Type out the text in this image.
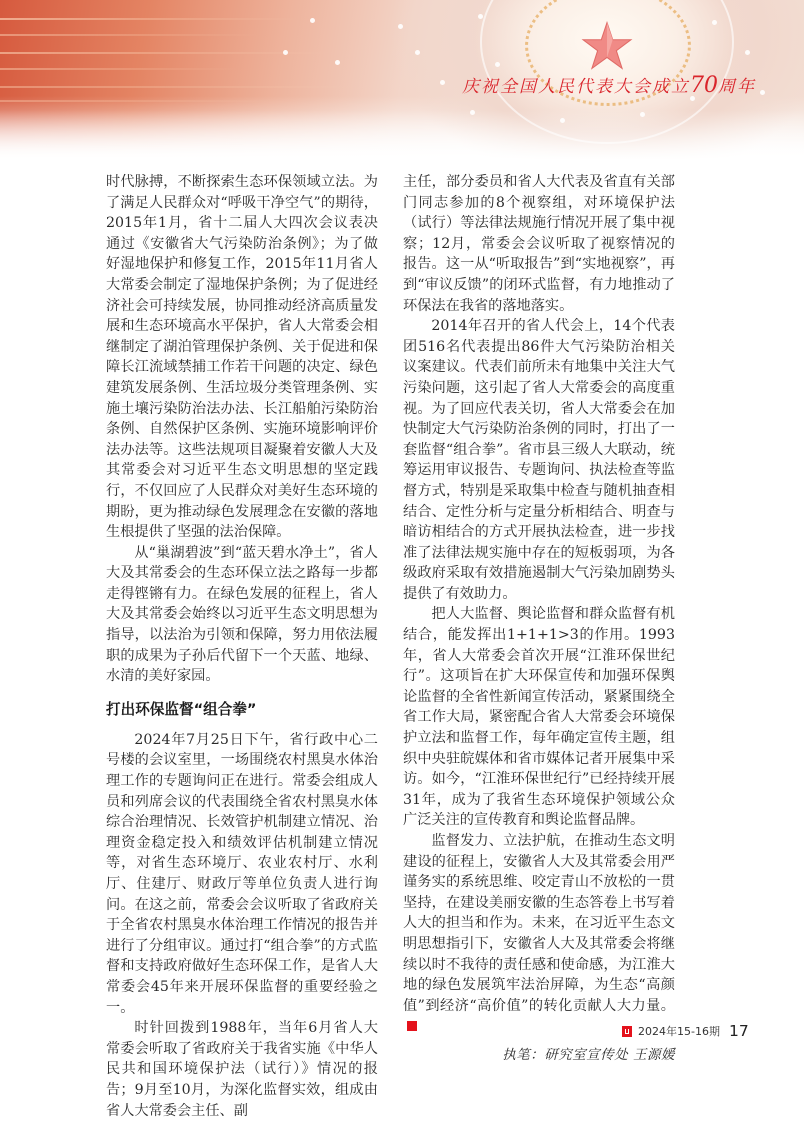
庆祝全国人民代表大会成立70周年

时代脉搏，不断探索生态环保领域立法。为了满足人民群众对“呼吸干净空气”的期待，2015年1月，省十二届人大四次会议表决通过《安徽省大气污染防治条例》；为了做好湿地保护和修复工作，2015年11月省人大常委会制定了湿地保护条例；为了促进经济社会可持续发展，协同推动经济高质量发展和生态环境高水平保护，省人大常委会相继制定了湖泊管理保护条例、关于促进和保障长江流域禁捕工作若干问题的决定、绿色建筑发展条例、生活垃圾分类管理条例、实施土壤污染防治法办法、长江船舶污染防治条例、自然保护区条例、实施环境影响评价法办法等。这些法规项目凝聚着安徽人大及其常委会对习近平生态文明思想的坚定践行，不仅回应了人民群众对美好生态环境的期盼，更为推动绿色发展理念在安徽的落地生根提供了坚强的法治保障。

从“巢湖碧波”到“蓝天碧水净土”，省人大及其常委会的生态环保立法之路每一步都走得铿锵有力。在绿色发展的征程上，省人大及其常委会始终以习近平生态文明思想为指导，以法治为引领和保障，努力用依法履职的成果为子孙后代留下一个天蓝、地绿、水清的美好家园。

打出环保监督“组合拳”

2024年7月25日下午，省行政中心二号楼的会议室里，一场围绕农村黑臭水体治理工作的专题询问正在进行。常委会组成人员和列席会议的代表围绕全省农村黑臭水体综合治理情况、长效管护机制建立情况、治理资金稳定投入和绩效评估机制建立情况等，对省生态环境厅、农业农村厅、水利厅、住建厅、财政厅等单位负责人进行询问。在这之前，常委会会议听取了省政府关于全省农村黑臭水体治理工作情况的报告并进行了分组审议。通过打“组合拳”的方式监督和支持政府做好生态环保工作，是省人大常委会45年来开展环保监督的重要经验之一。

时针回拨到1988年，当年6月省人大常委会听取了省政府关于我省实施《中华人民共和国环境保护法（试行）》情况的报告；9月至10月，为深化监督实效，组成由省人大常委会主任、副

主任，部分委员和省人大代表及省直有关部门同志参加的8个视察组，对环境保护法（试行）等法律法规施行情况开展了集中视察；12月，常委会会议听取了视察情况的报告。这一从“听取报告”到“实地视察”，再到“审议反馈”的闭环式监督，有力地推动了环保法在我省的落地落实。

2014年召开的省人代会上，14个代表团516名代表提出86件大气污染防治相关议案建议。代表们前所未有地集中关注大气污染问题，这引起了省人大常委会的高度重视。为了回应代表关切，省人大常委会在加快制定大气污染防治条例的同时，打出了一套监督“组合拳”。省市县三级人大联动，统筹运用审议报告、专题询问、执法检查等监督方式，特别是采取集中检查与随机抽查相结合、定性分析与定量分析相结合、明查与暗访相结合的方式开展执法检查，进一步找准了法律法规实施中存在的短板弱项，为各级政府采取有效措施遏制大气污染加剧势头提供了有效助力。

把人大监督、舆论监督和群众监督有机结合，能发挥出1+1+1>3的作用。1993年，省人大常委会首次开展“江淮环保世纪行”。这项旨在扩大环保宣传和加强环保舆论监督的全省性新闻宣传活动，紧紧围绕全省工作大局，紧密配合省人大常委会环境保护立法和监督工作，每年确定宣传主题，组织中央驻皖媒体和省市媒体记者开展集中采访。如今，“江淮环保世纪行”已经持续开展31年，成为了我省生态环境保护领域公众广泛关注的宣传教育和舆论监督品牌。

监督发力、立法护航，在推动生态文明建设的征程上，安徽省人大及其常委会用严谨务实的系统思维、咬定青山不放松的一贯坚持，在建设美丽安徽的生态答卷上书写着人大的担当和作为。未来，在习近平生态文明思想指引下，安徽省人大及其常委会将继续以时不我待的责任感和使命感，为江淮大地的绿色发展筑牢法治屏障，为生态“高颜值”到经济“高价值”的转化贡献人大力量。

执笔：研究室宣传处 王源媛
2024年15-16期 17
